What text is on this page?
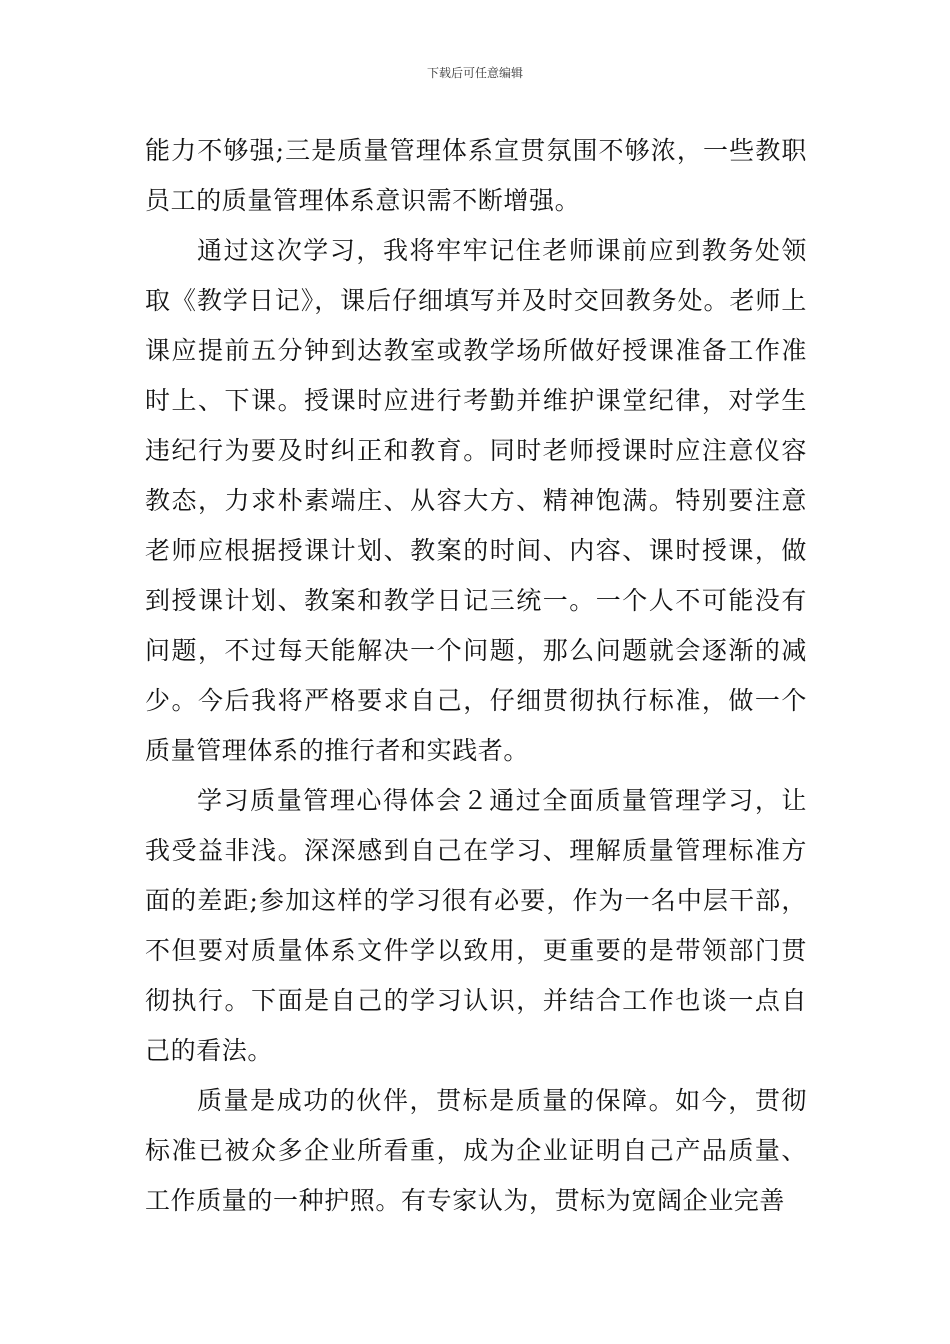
下载后可任意编辑

能力不够强;三是质量管理体系宣贯氛围不够浓，一些教职员工的质量管理体系意识需不断增强。

通过这次学习，我将牢牢记住老师课前应到教务处领取《教学日记》，课后仔细填写并及时交回教务处。老师上课应提前五分钟到达教室或教学场所做好授课准备工作准时上、下课。授课时应进行考勤并维护课堂纪律，对学生违纪行为要及时纠正和教育。同时老师授课时应注意仪容教态，力求朴素端庄、从容大方、精神饱满。特别要注意老师应根据授课计划、教案的时间、内容、课时授课，做到授课计划、教案和教学日记三统一。一个人不可能没有问题，不过每天能解决一个问题，那么问题就会逐渐的减少。今后我将严格要求自己，仔细贯彻执行标准，做一个质量管理体系的推行者和实践者。

学习质量管理心得体会２通过全面质量管理学习，让我受益非浅。深深感到自己在学习、理解质量管理标准方面的差距;参加这样的学习很有必要，作为一名中层干部，不但要对质量体系文件学以致用，更重要的是带领部门贯彻执行。下面是自己的学习认识，并结合工作也谈一点自己的看法。

质量是成功的伙伴，贯标是质量的保障。如今，贯彻标准已被众多企业所看重，成为企业证明自己产品质量、工作质量的一种护照。有专家认为，贯标为宽阔企业完善
